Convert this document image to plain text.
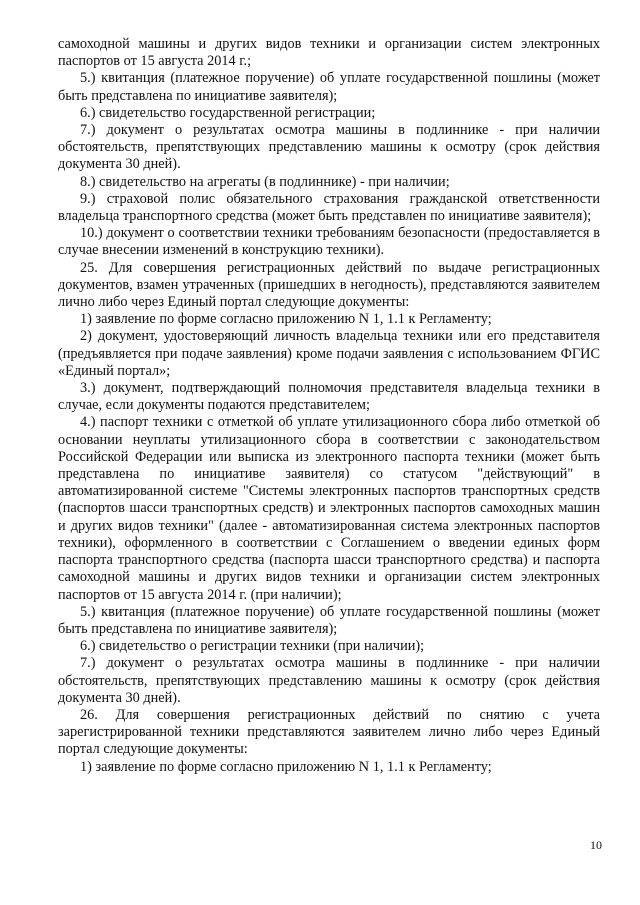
самоходной машины и других видов техники и организации систем электронных паспортов от 15 августа 2014 г.;

5.) квитанция (платежное поручение) об уплате государственной пошлины (может быть представлена по инициативе заявителя);

6.) свидетельство государственной регистрации;

7.) документ о результатах осмотра машины в подлиннике - при наличии обстоятельств, препятствующих представлению машины к осмотру (срок действия документа 30 дней).

8.) свидетельство на агрегаты (в подлиннике) - при наличии;

9.) страховой полис обязательного страхования гражданской ответственности владельца транспортного средства (может быть представлен по инициативе заявителя);

10.) документ о соответствии техники требованиям безопасности (предоставляется в случае внесении изменений в конструкцию техники).

25. Для совершения регистрационных действий по выдаче регистрационных документов, взамен утраченных (пришедших в негодность), представляются заявителем лично либо через Единый портал следующие документы:

1) заявление по форме согласно приложению N 1, 1.1 к Регламенту;

2) документ, удостоверяющий личность владельца техники или его представителя (предъявляется при подаче заявления) кроме подачи заявления с использованием ФГИС «Единый портал»;

3.) документ, подтверждающий полномочия представителя владельца техники в случае, если документы подаются представителем;

4.) паспорт техники с отметкой об уплате утилизационного сбора либо отметкой об основании неуплаты утилизационного сбора в соответствии с законодательством Российской Федерации или выписка из электронного паспорта техники (может быть представлена по инициативе заявителя) со статусом "действующий" в автоматизированной системе "Системы электронных паспортов транспортных средств (паспортов шасси транспортных средств) и электронных паспортов самоходных машин и других видов техники" (далее - автоматизированная система электронных паспортов техники), оформленного в соответствии с Соглашением о введении единых форм паспорта транспортного средства (паспорта шасси транспортного средства) и паспорта самоходной машины и других видов техники и организации систем электронных паспортов от 15 августа 2014 г. (при наличии);

5.) квитанция (платежное поручение) об уплате государственной пошлины (может быть представлена по инициативе заявителя);

6.) свидетельство о регистрации техники (при наличии);

7.) документ о результатах осмотра машины в подлиннике - при наличии обстоятельств, препятствующих представлению машины к осмотру (срок действия документа 30 дней).

26. Для совершения регистрационных действий по снятию с учета зарегистрированной техники представляются заявителем лично либо через Единый портал следующие документы:

1) заявление по форме согласно приложению N 1, 1.1 к Регламенту;

10
